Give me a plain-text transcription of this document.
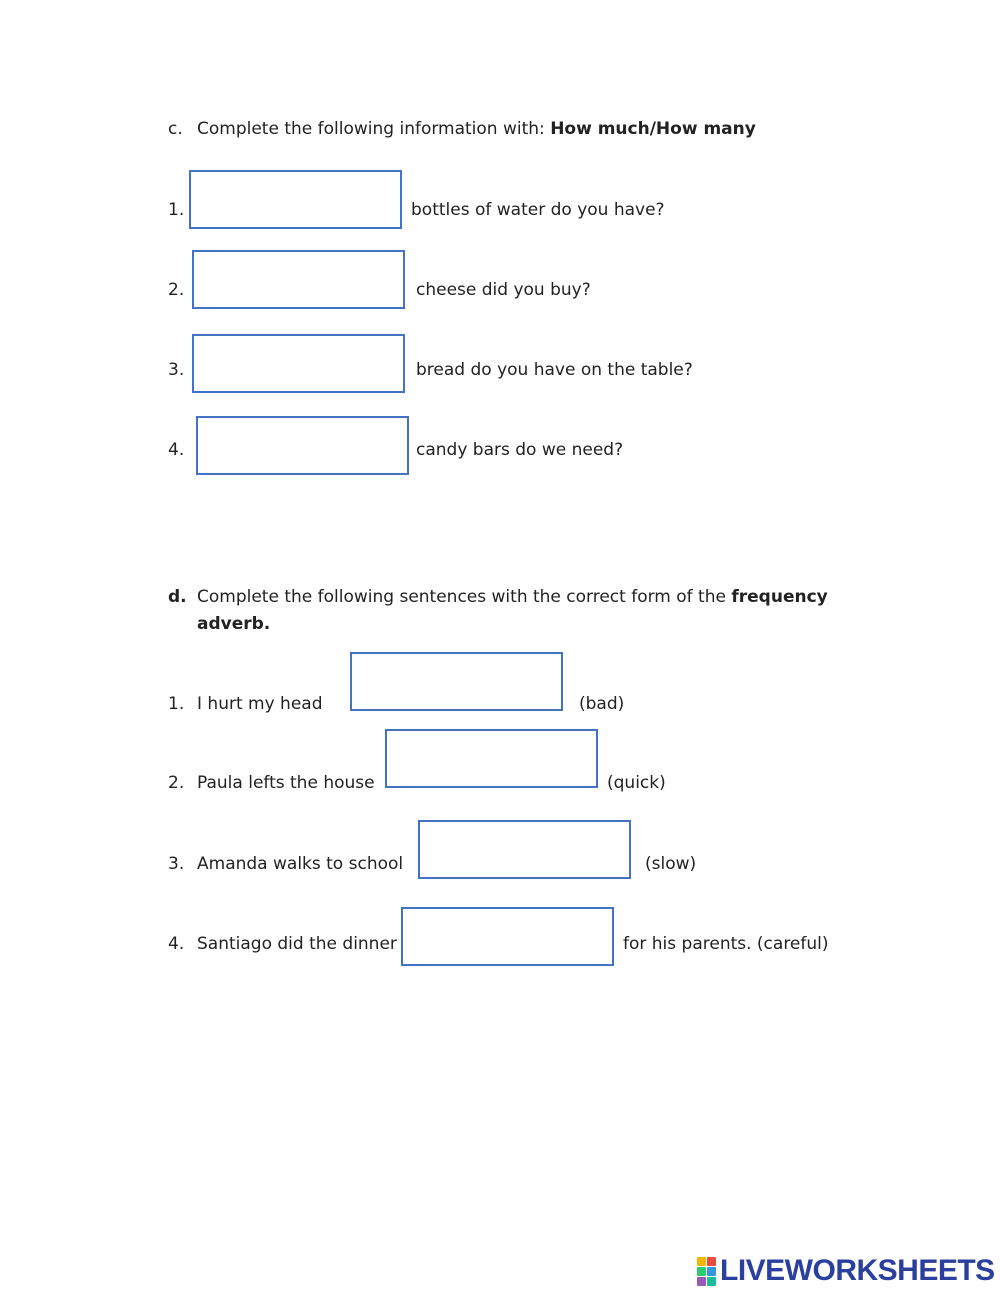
c. Complete the following information with: How much/How many
1.	bottles of water do you have?
2.	cheese did you buy?
3.	bread do you have on the table?
4.	candy bars do we need?
d. Complete the following sentences with the correct form of the frequency
adverb.
1. I hurt my head	(bad)
2. Paula lefts the house	(quick)
3. Amanda walks to school	(slow)
4. Santiago did the dinner	for his parents. (careful)
LIVEWORKSHEETS
